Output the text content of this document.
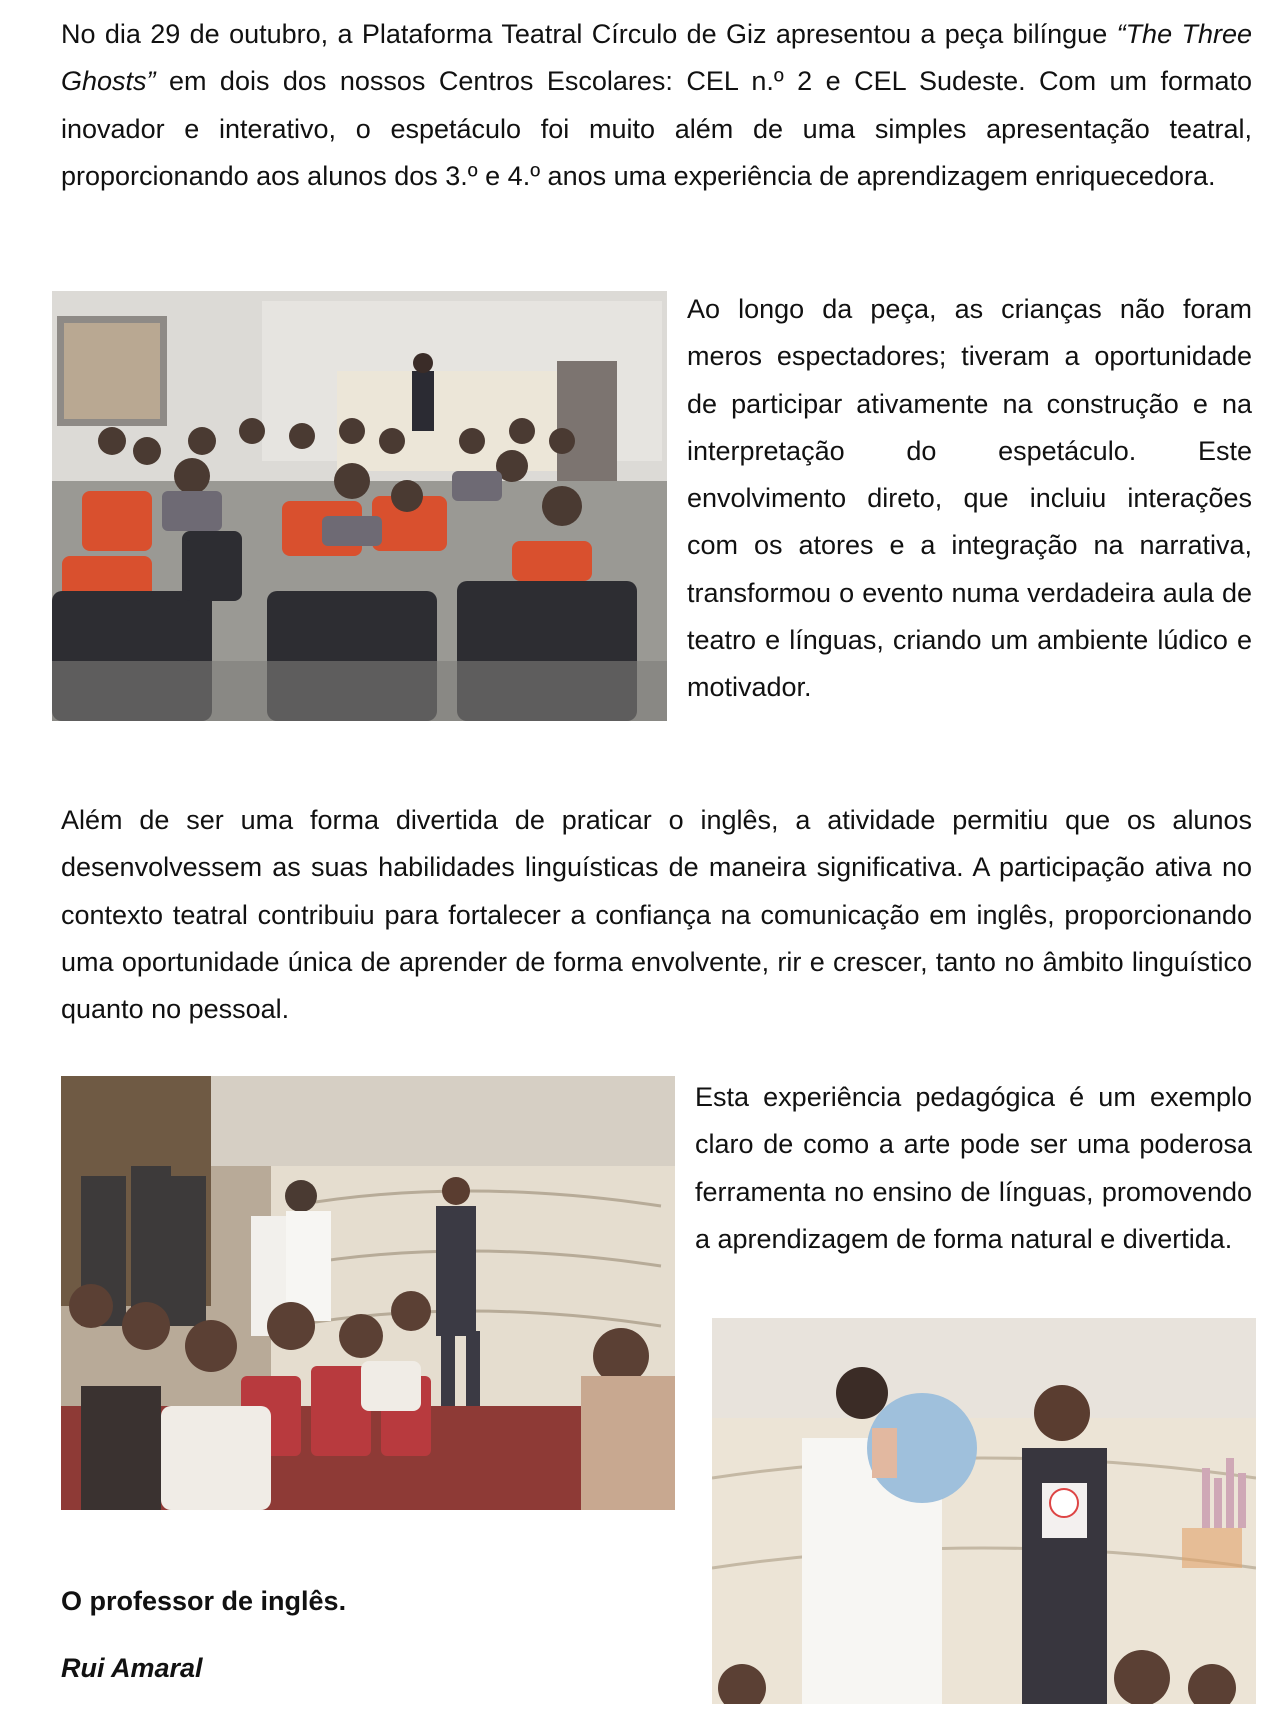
No dia 29 de outubro, a Plataforma Teatral Círculo de Giz apresentou a peça bilíngue “The Three Ghosts” em dois dos nossos Centros Escolares: CEL n.º 2 e CEL Sudeste. Com um formato inovador e interativo, o espetáculo foi muito além de uma simples apresentação teatral, proporcionando aos alunos dos 3.º e 4.º anos uma experiência de aprendizagem enriquecedora.

Ao longo da peça, as crianças não foram meros espectadores; tiveram a oportunidade de participar ativamente na construção e na interpretação do espetáculo. Este envolvimento direto, que incluiu interações com os atores e a integração na narrativa, transformou o evento numa verdadeira aula de teatro e línguas, criando um ambiente lúdico e motivador.

Além de ser uma forma divertida de praticar o inglês, a atividade permitiu que os alunos desenvolvessem as suas habilidades linguísticas de maneira significativa. A participação ativa no contexto teatral contribuiu para fortalecer a confiança na comunicação em inglês, proporcionando uma oportunidade única de aprender de forma envolvente, rir e crescer, tanto no âmbito linguístico quanto no pessoal.

Esta experiência pedagógica é um exemplo claro de como a arte pode ser uma poderosa ferramenta no ensino de línguas, promovendo a aprendizagem de forma natural e divertida.

O professor de inglês.

Rui Amaral
